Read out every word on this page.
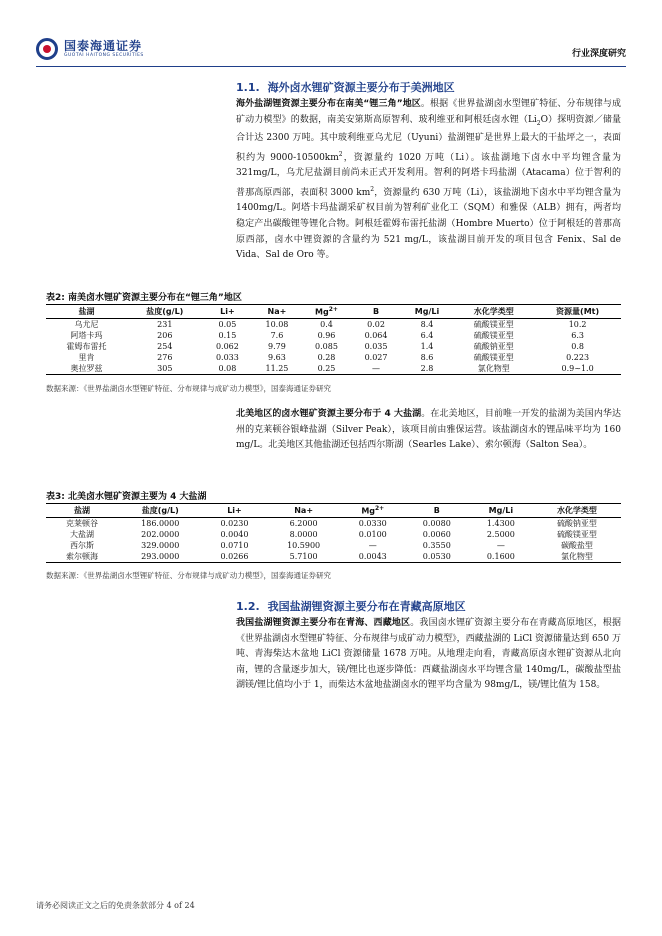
国泰海通证券
GUOTAI HAITONG SECURITIES	行业深度研究
1.1. 海外卤水锂矿资源主要分布于美洲地区

海外盐湖锂资源主要分布在南美“锂三角”地区。根据《世界盐湖卤水型锂矿特征、分布规律与成矿动力模型》的数据，南美安第斯高原智利、玻利维亚和阿根廷卤水锂$(Li_2O)$探明资源／储量合计达 2300 万吨。其中玻利维亚乌尤尼（Uyuni）盐湖锂矿是世界上最大的干盐坪之一，表面积约为 $9000-10500km^2$，资源量约 1020 万吨（Li）。该盐湖地下卤水中平均锂含量为 321mg/L，乌尤尼盐湖目前尚未正式开发利用。智利的阿塔卡玛盐湖（Atacama）位于智利的普那高原西部，表面积 3000 $km^2$，资源量约 630 万吨（Li），该盐湖地下卤水中平均锂含量为 1400mg/L。阿塔卡玛盐湖采矿权目前为智利矿业化工（SQM）和雅保（ALB）拥有，两者均稳定产出碳酸锂等锂化合物。阿根廷霍姆布雷托盐湖（Hombre Muerto）位于阿根廷的普那高原西部，卤水中锂资源的含量约为 521 mg/L，该盐湖目前开发的项目包含 Fenix、Sal de Vida、Sal de Oro 等。

表2: 南美卤水锂矿资源主要分布在“锂三角”地区
盐湖	盐度(g/L)	Li+	Na+	$Mg^{2+}$	B	Mg/Li	水化学类型	资源量(Mt)
乌尤尼	231	0.05	10.08	0.4	0.02	8.4	硫酸镁亚型	10.2
阿塔卡玛	206	0.15	7.6	0.96	0.064	6.4	硫酸镁亚型	6.3
霍姆布雷托	254	0.062	9.79	0.085	0.035	1.4	硫酸钠亚型	0.8
里肯	276	0.033	9.63	0.28	0.027	8.6	硫酸镁亚型	0.223
奥拉罗兹	305	0.08	11.25	0.25	—	2.8	氯化物型	0.9~1.0
数据来源：《世界盐湖卤水型锂矿特征、分布规律与成矿动力模型》，国泰海通证券研究

北美地区的卤水锂矿资源主要分布于 4 大盐湖。在北美地区，目前唯一开发的盐湖为美国内华达州的克莱顿谷银峰盐湖（Silver Peak），该项目前由雅保运营。该盐湖卤水的锂品味平均为 160 mg/L。北美地区其他盐湖还包括西尔斯湖（Searles Lake）、索尔顿海（Salton Sea）。

表3: 北美卤水锂矿资源主要为 4 大盐湖
盐湖	盐度(g/L)	Li+	Na+	$Mg^{2+}$	B	Mg/Li	水化学类型
克莱顿谷	186.0000	0.0230	6.2000	0.0330	0.0080	1.4300	硫酸钠亚型
大盐湖	202.0000	0.0040	8.0000	0.0100	0.0060	2.5000	硫酸镁亚型
西尔斯	329.0000	0.0710	10.5900	—	0.3550	—	碳酸盐型
索尔顿海	293.0000	0.0266	5.7100	0.0043	0.0530	0.1600	氯化物型
数据来源：《世界盐湖卤水型锂矿特征、分布规律与成矿动力模型》，国泰海通证券研究
1.2. 我国盐湖锂资源主要分布在青藏高原地区

我国盐湖锂资源主要分布在青海、西藏地区。我国卤水锂矿资源主要分布在青藏高原地区，根据《世界盐湖卤水型锂矿特征、分布规律与成矿动力模型》，西藏盐湖的 LiCl 资源储量达到 650 万吨、青海柴达木盆地 LiCl 资源储量 1678 万吨。从地理走向看，青藏高原卤水锂矿资源从北向南，锂的含量逐步加大，镁/锂比也逐步降低：西藏盐湖卤水平均锂含量 140mg/L，碳酸盐型盐湖镁/锂比值均小于 1，而柴达木盆地盐湖卤水的锂平均含量为 98mg/L，镁/锂比值为 158。

请务必阅读正文之后的免责条款部分 4 of 24
